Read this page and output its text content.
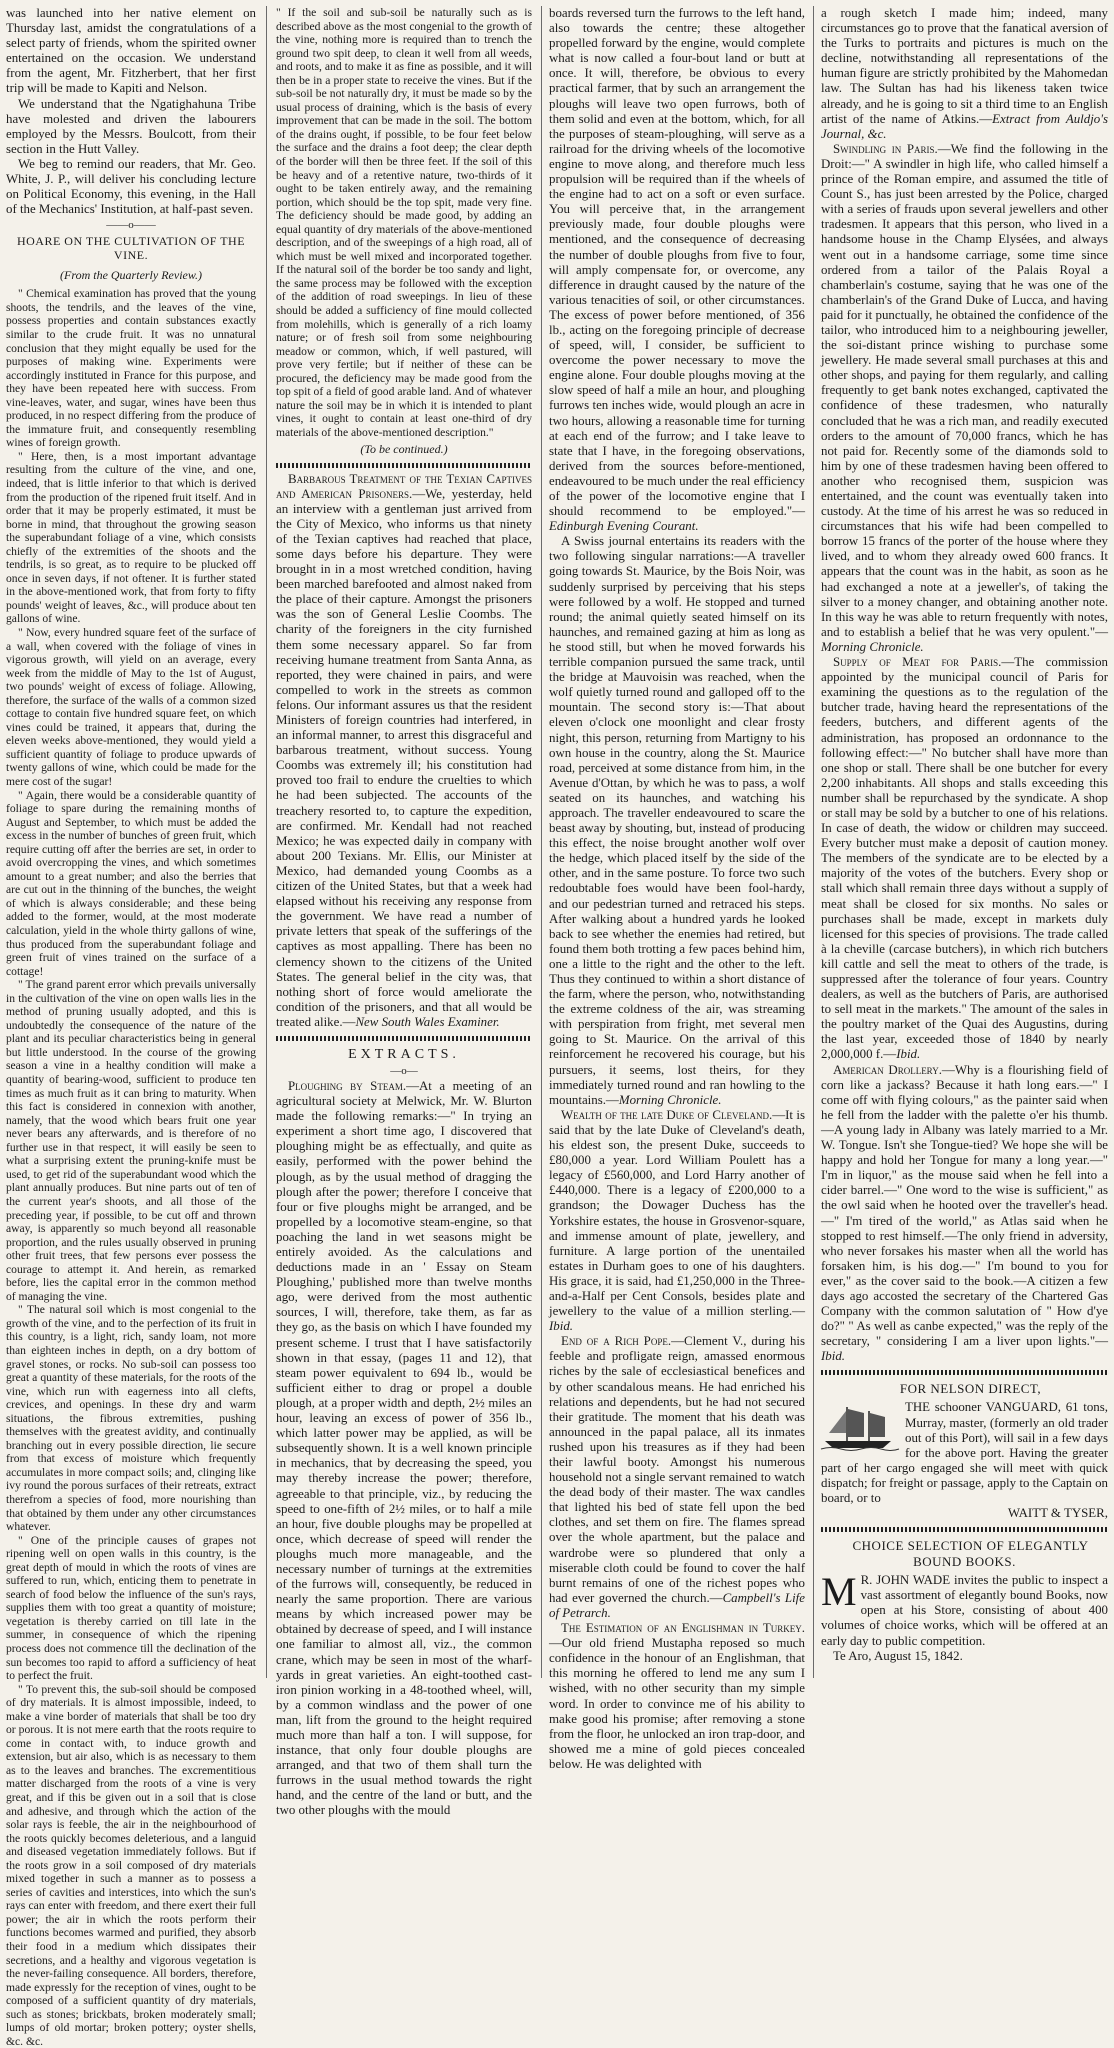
was launched into her native element on Thursday last, amidst the congratulations of a select party of friends, whom the spirited owner entertained on the occasion. We understand from the agent, Mr. Fitzherbert, that her first trip will be made to Kapiti and Nelson.

We understand that the Ngatighahuna Tribe have molested and driven the labourers employed by the Messrs. Boulcott, from their section in the Hutt Valley.

We beg to remind our readers, that Mr. Geo. White, J. P., will deliver his concluding lecture on Political Economy, this evening, in the Hall of the Mechanics' Institution, at half-past seven.

——o——

HOARE ON THE CULTIVATION OF THE VINE.

(From the Quarterly Review.)

" Chemical examination has proved that the young shoots, the tendrils, and the leaves of the vine, possess properties and contain substances exactly similar to the crude fruit. It was no unnatural conclusion that they might equally be used for the purposes of making wine. Experiments were accordingly instituted in France for this purpose, and they have been repeated here with success. From vine-leaves, water, and sugar, wines have been thus produced, in no respect differing from the produce of the immature fruit, and consequently resembling wines of foreign growth.

" Here, then, is a most important advantage resulting from the culture of the vine, and one, indeed, that is little inferior to that which is derived from the production of the ripened fruit itself. And in order that it may be properly estimated, it must be borne in mind, that throughout the growing season the superabundant foliage of a vine, which consists chiefly of the extremities of the shoots and the tendrils, is so great, as to require to be plucked off once in seven days, if not oftener. It is further stated in the above-mentioned work, that from forty to fifty pounds' weight of leaves, &c., will produce about ten gallons of wine.

" Now, every hundred square feet of the surface of a wall, when covered with the foliage of vines in vigorous growth, will yield on an average, every week from the middle of May to the 1st of August, two pounds' weight of excess of foliage. Allowing, therefore, the surface of the walls of a common sized cottage to contain five hundred square feet, on which vines could be trained, it appears that, during the eleven weeks above-mentioned, they would yield a sufficient quantity of foliage to produce upwards of twenty gallons of wine, which could be made for the mere cost of the sugar!

" Again, there would be a considerable quantity of foliage to spare during the remaining months of August and September, to which must be added the excess in the number of bunches of green fruit, which require cutting off after the berries are set, in order to avoid overcropping the vines, and which sometimes amount to a great number; and also the berries that are cut out in the thinning of the bunches, the weight of which is always considerable; and these being added to the former, would, at the most moderate calculation, yield in the whole thirty gallons of wine, thus produced from the superabundant foliage and green fruit of vines trained on the surface of a cottage!

" The grand parent error which prevails universally in the cultivation of the vine on open walls lies in the method of pruning usually adopted, and this is undoubtedly the consequence of the nature of the plant and its peculiar characteristics being in general but little understood. In the course of the growing season a vine in a healthy condition will make a quantity of bearing-wood, sufficient to produce ten times as much fruit as it can bring to maturity. When this fact is considered in connexion with another, namely, that the wood which bears fruit one year never bears any afterwards, and is therefore of no further use in that respect, it will easily be seen to what a surprising extent the pruning-knife must be used, to get rid of the superabundant wood which the plant annually produces. But nine parts out of ten of the current year's shoots, and all those of the preceding year, if possible, to be cut off and thrown away, is apparently so much beyond all reasonable proportion, and the rules usually observed in pruning other fruit trees, that few persons ever possess the courage to attempt it. And herein, as remarked before, lies the capital error in the common method of managing the vine.

" The natural soil which is most congenial to the growth of the vine, and to the perfection of its fruit in this country, is a light, rich, sandy loam, not more than eighteen inches in depth, on a dry bottom of gravel stones, or rocks. No sub-soil can possess too great a quantity of these materials, for the roots of the vine, which run with eagerness into all clefts, crevices, and openings. In these dry and warm situations, the fibrous extremities, pushing themselves with the greatest avidity, and continually branching out in every possible direction, lie secure from that excess of moisture which frequently accumulates in more compact soils; and, clinging like ivy round the porous surfaces of their retreats, extract therefrom a species of food, more nourishing than that obtained by them under any other circumstances whatever.

" One of the principle causes of grapes not ripening well on open walls in this country, is the great depth of mould in which the roots of vines are suffered to run, which, enticing them to penetrate in search of food below the influence of the sun's rays, supplies them with too great a quantity of moisture; vegetation is thereby carried on till late in the summer, in consequence of which the ripening process does not commence till the declination of the sun becomes too rapid to afford a sufficiency of heat to perfect the fruit.

" To prevent this, the sub-soil should be composed of dry materials. It is almost impossible, indeed, to make a vine border of materials that shall be too dry or porous. It is not mere earth that the roots require to come in contact with, to induce growth and extension, but air also, which is as necessary to them as to the leaves and branches. The excrementitious matter discharged from the roots of a vine is very great, and if this be given out in a soil that is close and adhesive, and through which the action of the solar rays is feeble, the air in the neighbourhood of the roots quickly becomes deleterious, and a languid and diseased vegetation immediately follows. But if the roots grow in a soil composed of dry materials mixed together in such a manner as to possess a series of cavities and interstices, into which the sun's rays can enter with freedom, and there exert their full power; the air in which the roots perform their functions becomes warmed and purified, they absorb their food in a medium which dissipates their secretions, and a healthy and vigorous vegetation is the never-failing consequence. All borders, therefore, made expressly for the reception of vines, ought to be composed of a sufficient quantity of dry materials, such as stones; brickbats, broken moderately small; lumps of old mortar; broken pottery; oyster shells, &c. &c.

" If the soil and sub-soil be naturally such as is described above as the most congenial to the growth of the vine, nothing more is required than to trench the ground two spit deep, to clean it well from all weeds, and roots, and to make it as fine as possible, and it will then be in a proper state to receive the vines. But if the sub-soil be not naturally dry, it must be made so by the usual process of draining, which is the basis of every improvement that can be made in the soil. The bottom of the drains ought, if possible, to be four feet below the surface and the drains a foot deep; the clear depth of the border will then be three feet. If the soil of this be heavy and of a retentive nature, two-thirds of it ought to be taken entirely away, and the remaining portion, which should be the top spit, made very fine. The deficiency should be made good, by adding an equal quantity of dry materials of the above-mentioned description, and of the sweepings of a high road, all of which must be well mixed and incorporated together. If the natural soil of the border be too sandy and light, the same process may be followed with the exception of the addition of road sweepings. In lieu of these should be added a sufficiency of fine mould collected from molehills, which is generally of a rich loamy nature; or of fresh soil from some neighbouring meadow or common, which, if well pastured, will prove very fertile; but if neither of these can be procured, the deficiency may be made good from the top spit of a field of good arable land. And of whatever nature the soil may be in which it is intended to plant vines, it ought to contain at least one-third of dry materials of the above-mentioned description."

(To be continued.)

Barbarous Treatment of the Texian Captives and American Prisoners.—We, yesterday, held an interview with a gentleman just arrived from the City of Mexico, who informs us that ninety of the Texian captives had reached that place, some days before his departure. They were brought in in a most wretched condition, having been marched barefooted and almost naked from the place of their capture. Amongst the prisoners was the son of General Leslie Coombs. The charity of the foreigners in the city furnished them some necessary apparel. So far from receiving humane treatment from Santa Anna, as reported, they were chained in pairs, and were compelled to work in the streets as common felons. Our informant assures us that the resident Ministers of foreign countries had interfered, in an informal manner, to arrest this disgraceful and barbarous treatment, without success. Young Coombs was extremely ill; his constitution had proved too frail to endure the cruelties to which he had been subjected. The accounts of the treachery resorted to, to capture the expedition, are confirmed. Mr. Kendall had not reached Mexico; he was expected daily in company with about 200 Texians. Mr. Ellis, our Minister at Mexico, had demanded young Coombs as a citizen of the United States, but that a week had elapsed without his receiving any response from the government. We have read a number of private letters that speak of the sufferings of the captives as most appalling. There has been no clemency shown to the citizens of the United States. The general belief in the city was, that nothing short of force would ameliorate the condition of the prisoners, and that all would be treated alike.—New South Wales Examiner.

EXTRACTS.

—o—

Ploughing by Steam.—At a meeting of an agricultural society at Melwick, Mr. W. Blurton made the following remarks:—" In trying an experiment a short time ago, I discovered that ploughing might be as effectually, and quite as easily, performed with the power behind the plough, as by the usual method of dragging the plough after the power; therefore I conceive that four or five ploughs might be arranged, and be propelled by a locomotive steam-engine, so that poaching the land in wet seasons might be entirely avoided. As the calculations and deductions made in an ' Essay on Steam Ploughing,' published more than twelve months ago, were derived from the most authentic sources, I will, therefore, take them, as far as they go, as the basis on which I have founded my present scheme. I trust that I have satisfactorily shown in that essay, (pages 11 and 12), that steam power equivalent to 694 lb., would be sufficient either to drag or propel a double plough, at a proper width and depth, 2½ miles an hour, leaving an excess of power of 356 lb., which latter power may be applied, as will be subsequently shown. It is a well known principle in mechanics, that by decreasing the speed, you may thereby increase the power; therefore, agreeable to that principle, viz., by reducing the speed to one-fifth of 2½ miles, or to half a mile an hour, five double ploughs may be propelled at once, which decrease of speed will render the ploughs much more manageable, and the necessary number of turnings at the extremities of the furrows will, consequently, be reduced in nearly the same proportion. There are various means by which increased power may be obtained by decrease of speed, and I will instance one familiar to almost all, viz., the common crane, which may be seen in most of the wharf-yards in great varieties. An eight-toothed cast-iron pinion working in a 48-toothed wheel, will, by a common windlass and the power of one man, lift from the ground to the height required much more than half a ton. I will suppose, for instance, that only four double ploughs are arranged, and that two of them shall turn the furrows in the usual method towards the right hand, and the centre of the land or butt, and the two other ploughs with the mould

boards reversed turn the furrows to the left hand, also towards the centre; these altogether propelled forward by the engine, would complete what is now called a four-bout land or butt at once. It will, therefore, be obvious to every practical farmer, that by such an arrangement the ploughs will leave two open furrows, both of them solid and even at the bottom, which, for all the purposes of steam-ploughing, will serve as a railroad for the driving wheels of the locomotive engine to move along, and therefore much less propulsion will be required than if the wheels of the engine had to act on a soft or even surface. You will perceive that, in the arrangement previously made, four double ploughs were mentioned, and the consequence of decreasing the number of double ploughs from five to four, will amply compensate for, or overcome, any difference in draught caused by the nature of the various tenacities of soil, or other circumstances. The excess of power before mentioned, of 356 lb., acting on the foregoing principle of decrease of speed, will, I consider, be sufficient to overcome the power necessary to move the engine alone. Four double ploughs moving at the slow speed of half a mile an hour, and ploughing furrows ten inches wide, would plough an acre in two hours, allowing a reasonable time for turning at each end of the furrow; and I take leave to state that I have, in the foregoing observations, derived from the sources before-mentioned, endeavoured to be much under the real efficiency of the power of the locomotive engine that I should recommend to be employed."—Edinburgh Evening Courant.

A Swiss journal entertains its readers with the two following singular narrations:—A traveller going towards St. Maurice, by the Bois Noir, was suddenly surprised by perceiving that his steps were followed by a wolf. He stopped and turned round; the animal quietly seated himself on its haunches, and remained gazing at him as long as he stood still, but when he moved forwards his terrible companion pursued the same track, until the bridge at Mauvoisin was reached, when the wolf quietly turned round and galloped off to the mountain. The second story is:—That about eleven o'clock one moonlight and clear frosty night, this person, returning from Martigny to his own house in the country, along the St. Maurice road, perceived at some distance from him, in the Avenue d'Ottan, by which he was to pass, a wolf seated on its haunches, and watching his approach. The traveller endeavoured to scare the beast away by shouting, but, instead of producing this effect, the noise brought another wolf over the hedge, which placed itself by the side of the other, and in the same posture. To force two such redoubtable foes would have been fool-hardy, and our pedestrian turned and retraced his steps. After walking about a hundred yards he looked back to see whether the enemies had retired, but found them both trotting a few paces behind him, one a little to the right and the other to the left. Thus they continued to within a short distance of the farm, where the person, who, notwithstanding the extreme coldness of the air, was streaming with perspiration from fright, met several men going to St. Maurice. On the arrival of this reinforcement he recovered his courage, but his pursuers, it seems, lost theirs, for they immediately turned round and ran howling to the mountains.—Morning Chronicle.

Wealth of the late Duke of Cleveland.—It is said that by the late Duke of Cleveland's death, his eldest son, the present Duke, succeeds to £80,000 a year. Lord William Poulett has a legacy of £560,000, and Lord Harry another of £440,000. There is a legacy of £200,000 to a grandson; the Dowager Duchess has the Yorkshire estates, the house in Grosvenor-square, and immense amount of plate, jewellery, and furniture. A large portion of the unentailed estates in Durham goes to one of his daughters. His grace, it is said, had £1,250,000 in the Three-and-a-Half per Cent Consols, besides plate and jewellery to the value of a million sterling.—Ibid.

End of a Rich Pope.—Clement V., during his feeble and profligate reign, amassed enormous riches by the sale of ecclesiastical benefices and by other scandalous means. He had enriched his relations and dependents, but he had not secured their gratitude. The moment that his death was announced in the papal palace, all its inmates rushed upon his treasures as if they had been their lawful booty. Amongst his numerous household not a single servant remained to watch the dead body of their master. The wax candles that lighted his bed of state fell upon the bed clothes, and set them on fire. The flames spread over the whole apartment, but the palace and wardrobe were so plundered that only a miserable cloth could be found to cover the half burnt remains of one of the richest popes who had ever governed the church.—Campbell's Life of Petrarch.

The Estimation of an Englishman in Turkey.—Our old friend Mustapha reposed so much confidence in the honour of an Englishman, that this morning he offered to lend me any sum I wished, with no other security than my simple word. In order to convince me of his ability to make good his promise; after removing a stone from the floor, he unlocked an iron trap-door, and showed me a mine of gold pieces concealed below. He was delighted with

a rough sketch I made him; indeed, many circumstances go to prove that the fanatical aversion of the Turks to portraits and pictures is much on the decline, notwithstanding all representations of the human figure are strictly prohibited by the Mahomedan law. The Sultan has had his likeness taken twice already, and he is going to sit a third time to an English artist of the name of Atkins.—Extract from Auldjo's Journal, &c.

Swindling in Paris.—We find the following in the Droit:—" A swindler in high life, who called himself a prince of the Roman empire, and assumed the title of Count S., has just been arrested by the Police, charged with a series of frauds upon several jewellers and other tradesmen. It appears that this person, who lived in a handsome house in the Champ Elysées, and always went out in a handsome carriage, some time since ordered from a tailor of the Palais Royal a chamberlain's costume, saying that he was one of the chamberlain's of the Grand Duke of Lucca, and having paid for it punctually, he obtained the confidence of the tailor, who introduced him to a neighbouring jeweller, the soi-distant prince wishing to purchase some jewellery. He made several small purchases at this and other shops, and paying for them regularly, and calling frequently to get bank notes exchanged, captivated the confidence of these tradesmen, who naturally concluded that he was a rich man, and readily executed orders to the amount of 70,000 francs, which he has not paid for. Recently some of the diamonds sold to him by one of these tradesmen having been offered to another who recognised them, suspicion was entertained, and the count was eventually taken into custody. At the time of his arrest he was so reduced in circumstances that his wife had been compelled to borrow 15 francs of the porter of the house where they lived, and to whom they already owed 600 francs. It appears that the count was in the habit, as soon as he had exchanged a note at a jeweller's, of taking the silver to a money changer, and obtaining another note. In this way he was able to return frequently with notes, and to establish a belief that he was very opulent."—Morning Chronicle.

Supply of Meat for Paris.—The commission appointed by the municipal council of Paris for examining the questions as to the regulation of the butcher trade, having heard the representations of the feeders, butchers, and different agents of the administration, has proposed an ordonnance to the following effect:—" No butcher shall have more than one shop or stall. There shall be one butcher for every 2,200 inhabitants. All shops and stalls exceeding this number shall be repurchased by the syndicate. A shop or stall may be sold by a butcher to one of his relations. In case of death, the widow or children may succeed. Every butcher must make a deposit of caution money. The members of the syndicate are to be elected by a majority of the votes of the butchers. Every shop or stall which shall remain three days without a supply of meat shall be closed for six months. No sales or purchases shall be made, except in markets duly licensed for this species of provisions. The trade called à la cheville (carcase butchers), in which rich butchers kill cattle and sell the meat to others of the trade, is suppressed after the tolerance of four years. Country dealers, as well as the butchers of Paris, are authorised to sell meat in the markets." The amount of the sales in the poultry market of the Quai des Augustins, during the last year, exceeded those of 1840 by nearly 2,000,000 f.—Ibid.

American Drollery.—Why is a flourishing field of corn like a jackass? Because it hath long ears.—" I come off with flying colours," as the painter said when he fell from the ladder with the palette o'er his thumb.—A young lady in Albany was lately married to a Mr. W. Tongue. Isn't she Tongue-tied? We hope she will be happy and hold her Tongue for many a long year.—" I'm in liquor," as the mouse said when he fell into a cider barrel.—" One word to the wise is sufficient," as the owl said when he hooted over the traveller's head.—" I'm tired of the world," as Atlas said when he stopped to rest himself.—The only friend in adversity, who never forsakes his master when all the world has forsaken him, is his dog.—" I'm bound to you for ever," as the cover said to the book.—A citizen a few days ago accosted the secretary of the Chartered Gas Company with the common salutation of " How d'ye do?" " As well as canbe expected," was the reply of the secretary, " considering I am a liver upon lights."—Ibid.

FOR NELSON DIRECT,

THE schooner VANGUARD, 61 tons, Murray, master, (formerly an old trader out of this Port), will sail in a few days for the above port. Having the greater part of her cargo engaged she will meet with quick dispatch; for freight or passage, apply to the Captain on board, or to

WAITT & TYSER,

CHOICE SELECTION OF ELEGANTLY BOUND BOOKS.

M R. JOHN WADE invites the public to inspect a vast assortment of elegantly bound Books, now open at his Store, consisting of about 400 volumes of choice works, which will be offered at an early day to public competition.

Te Aro, August 15, 1842.
